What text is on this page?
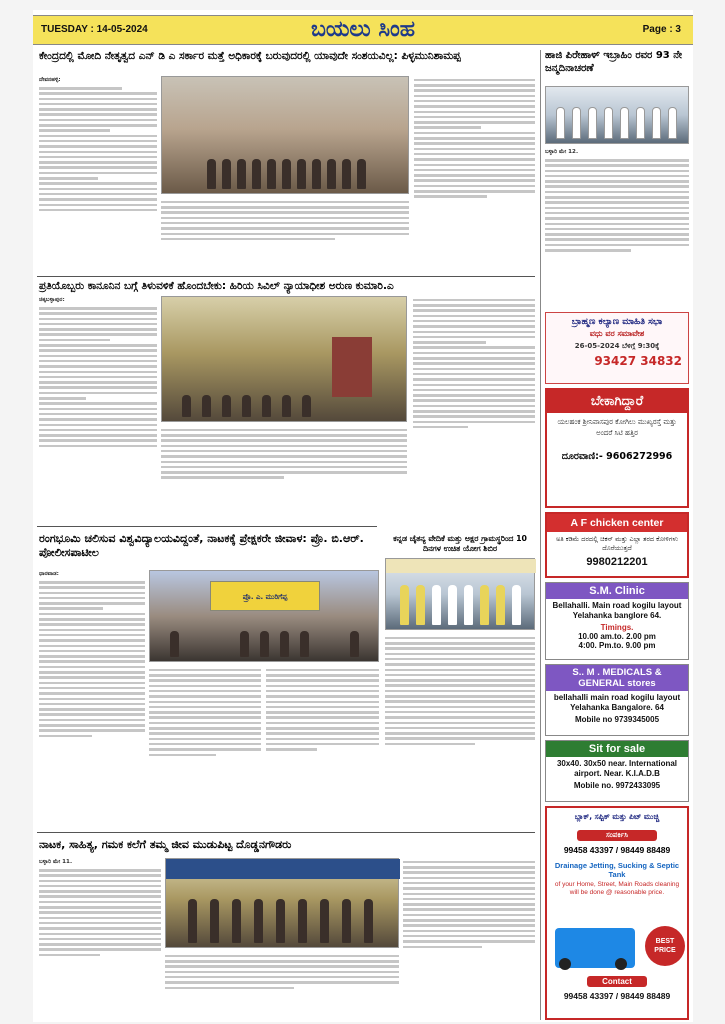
TUESDAY : 14-05-2024	ಬಯಲು ಸಿಂಹ	Page : 3
ಕೇಂದ್ರದಲ್ಲಿ ಮೋದಿ ನೇತೃತ್ವದ ಎನ್ ಡಿ ಎ ಸರ್ಕಾರ ಮತ್ತೆ ಅಧಿಕಾರಕ್ಕೆ ಬರುವುದರಲ್ಲಿ ಯಾವುದೇ ಸಂಶಯವಿಲ್ಲ: ಪಿಳ್ಳಮುನಿಶಾಮಪ್ಪ
ದೇವನಹಳ್ಳಿ:
ಪ್ರತಿಯೊಬ್ಬರು ಕಾನೂನಿನ ಬಗ್ಗೆ ತಿಳುವಳಿಕೆ ಹೊಂದಬೇಕು: ಹಿರಿಯ ಸಿವಿಲ್ ನ್ಯಾಯಾಧೀಶ ಅರುಣ ಕುಮಾರಿ.ಎ
ಚಿಕ್ಕಬಳ್ಳಾಪುರ:
ರಂಗಭೂಮಿ ಚಲಿಸುವ ವಿಶ್ವವಿದ್ಯಾಲಯವಿದ್ದಂತೆ, ನಾಟಕಕ್ಕೆ ಪ್ರೇಕ್ಷಕರೇ ಜೀವಾಳ: ಪ್ರೊ. ಬಿ.ಆರ್. ಪೋಲೀಸಪಾಟೀಲ
ಧಾರವಾಡ:
ಪ್ರೊ. ಎ. ಮುರಿಗೆಪ್ಪ
ಕನ್ನಡ ಚೈತನ್ಯ ವೇದಿಕೆ ಮತ್ತು ಅಕ್ಷರ ಗ್ರಾಮಸ್ಥರಿಂದ 10 ದಿನಗಳ ಉಚಿತ ಯೋಗ ಶಿಬಿರ
ನಾಟಕ, ಸಾಹಿತ್ಯ, ಗಮಕ ಕಲೆಗೆ ತಮ್ಮ ಜೀವ ಮುಡುಪಿಟ್ಟ ದೊಡ್ಡನಗೌಡರು
ಬಳ್ಳಾರಿ ಮೇ 11.
ಹಾಜಿ ಪಿರೇಹಾಳ್ ಇಬ್ರಾಹಿಂ ರವರ 93 ನೇ ಜನ್ಮದಿನಾಚರಣೆ
ಬಳ್ಳಾರಿ ಮೇ 12.
ಬ್ರಾಹ್ಮಣ ಕಲ್ಯಾಣ ಮಾಹಿತಿ ಸಭಾ
ವಧು ವರ ಸಮಾವೇಶ
26-05-2024 ಬೆಳಿಗ್ಗೆ 9:30ಕ್ಕೆ
93427 34832
ಬೇಕಾಗಿದ್ದಾರೆ
ಯಲಹಂಕ ಶ್ರೀನಿವಾಸಪುರ ಕೋಗಿಲು ಮುಖ್ಯರಸ್ತೆ ಮತ್ತು ಅಂದರೆ ಸಿಟಿ ಹತ್ತಿರ
ದೂರವಾಣಿ:- 9606272996
A F chicken center
ಅತಿ ಕಡಿಮೆ ದರದಲ್ಲಿ ಚಿಕನ್ ಮತ್ತು ಎಲ್ಲಾ ತರದ ಕೋಳಿಗಳು ದೊರೆಯುತ್ತದೆ
9980212201
S.M. Clinic
Bellahalli. Main road kogilu layout Yelahanka banglore 64.
Timings.
10.00 am.to. 2.00 pm
4:00. Pm.to. 9.00 pm
S.. M . MEDICALS & GENERAL stores
bellahalli main road kogilu layout Yelahanka Bangalore. 64
Mobile no 9739345005
Sit for sale
30x40. 30x50 near. International airport. Near. K.I.A.D.B
Mobile no. 9972433095
ಬ್ಲಾಕ್, ಸಪ್ಟಿಕ್ ಮತ್ತು ಪಿಟ್ ಮುಚ್ಚಿ
ಸಂಪರ್ಕಿಸಿ
99458 43397 / 98449 88489
Drainage Jetting, Sucking & Septic Tank
of your Home, Street, Main Roads cleaning will be done @ reasonable price.
BEST
PRICE
Contact
99458 43397 / 98449 88489
